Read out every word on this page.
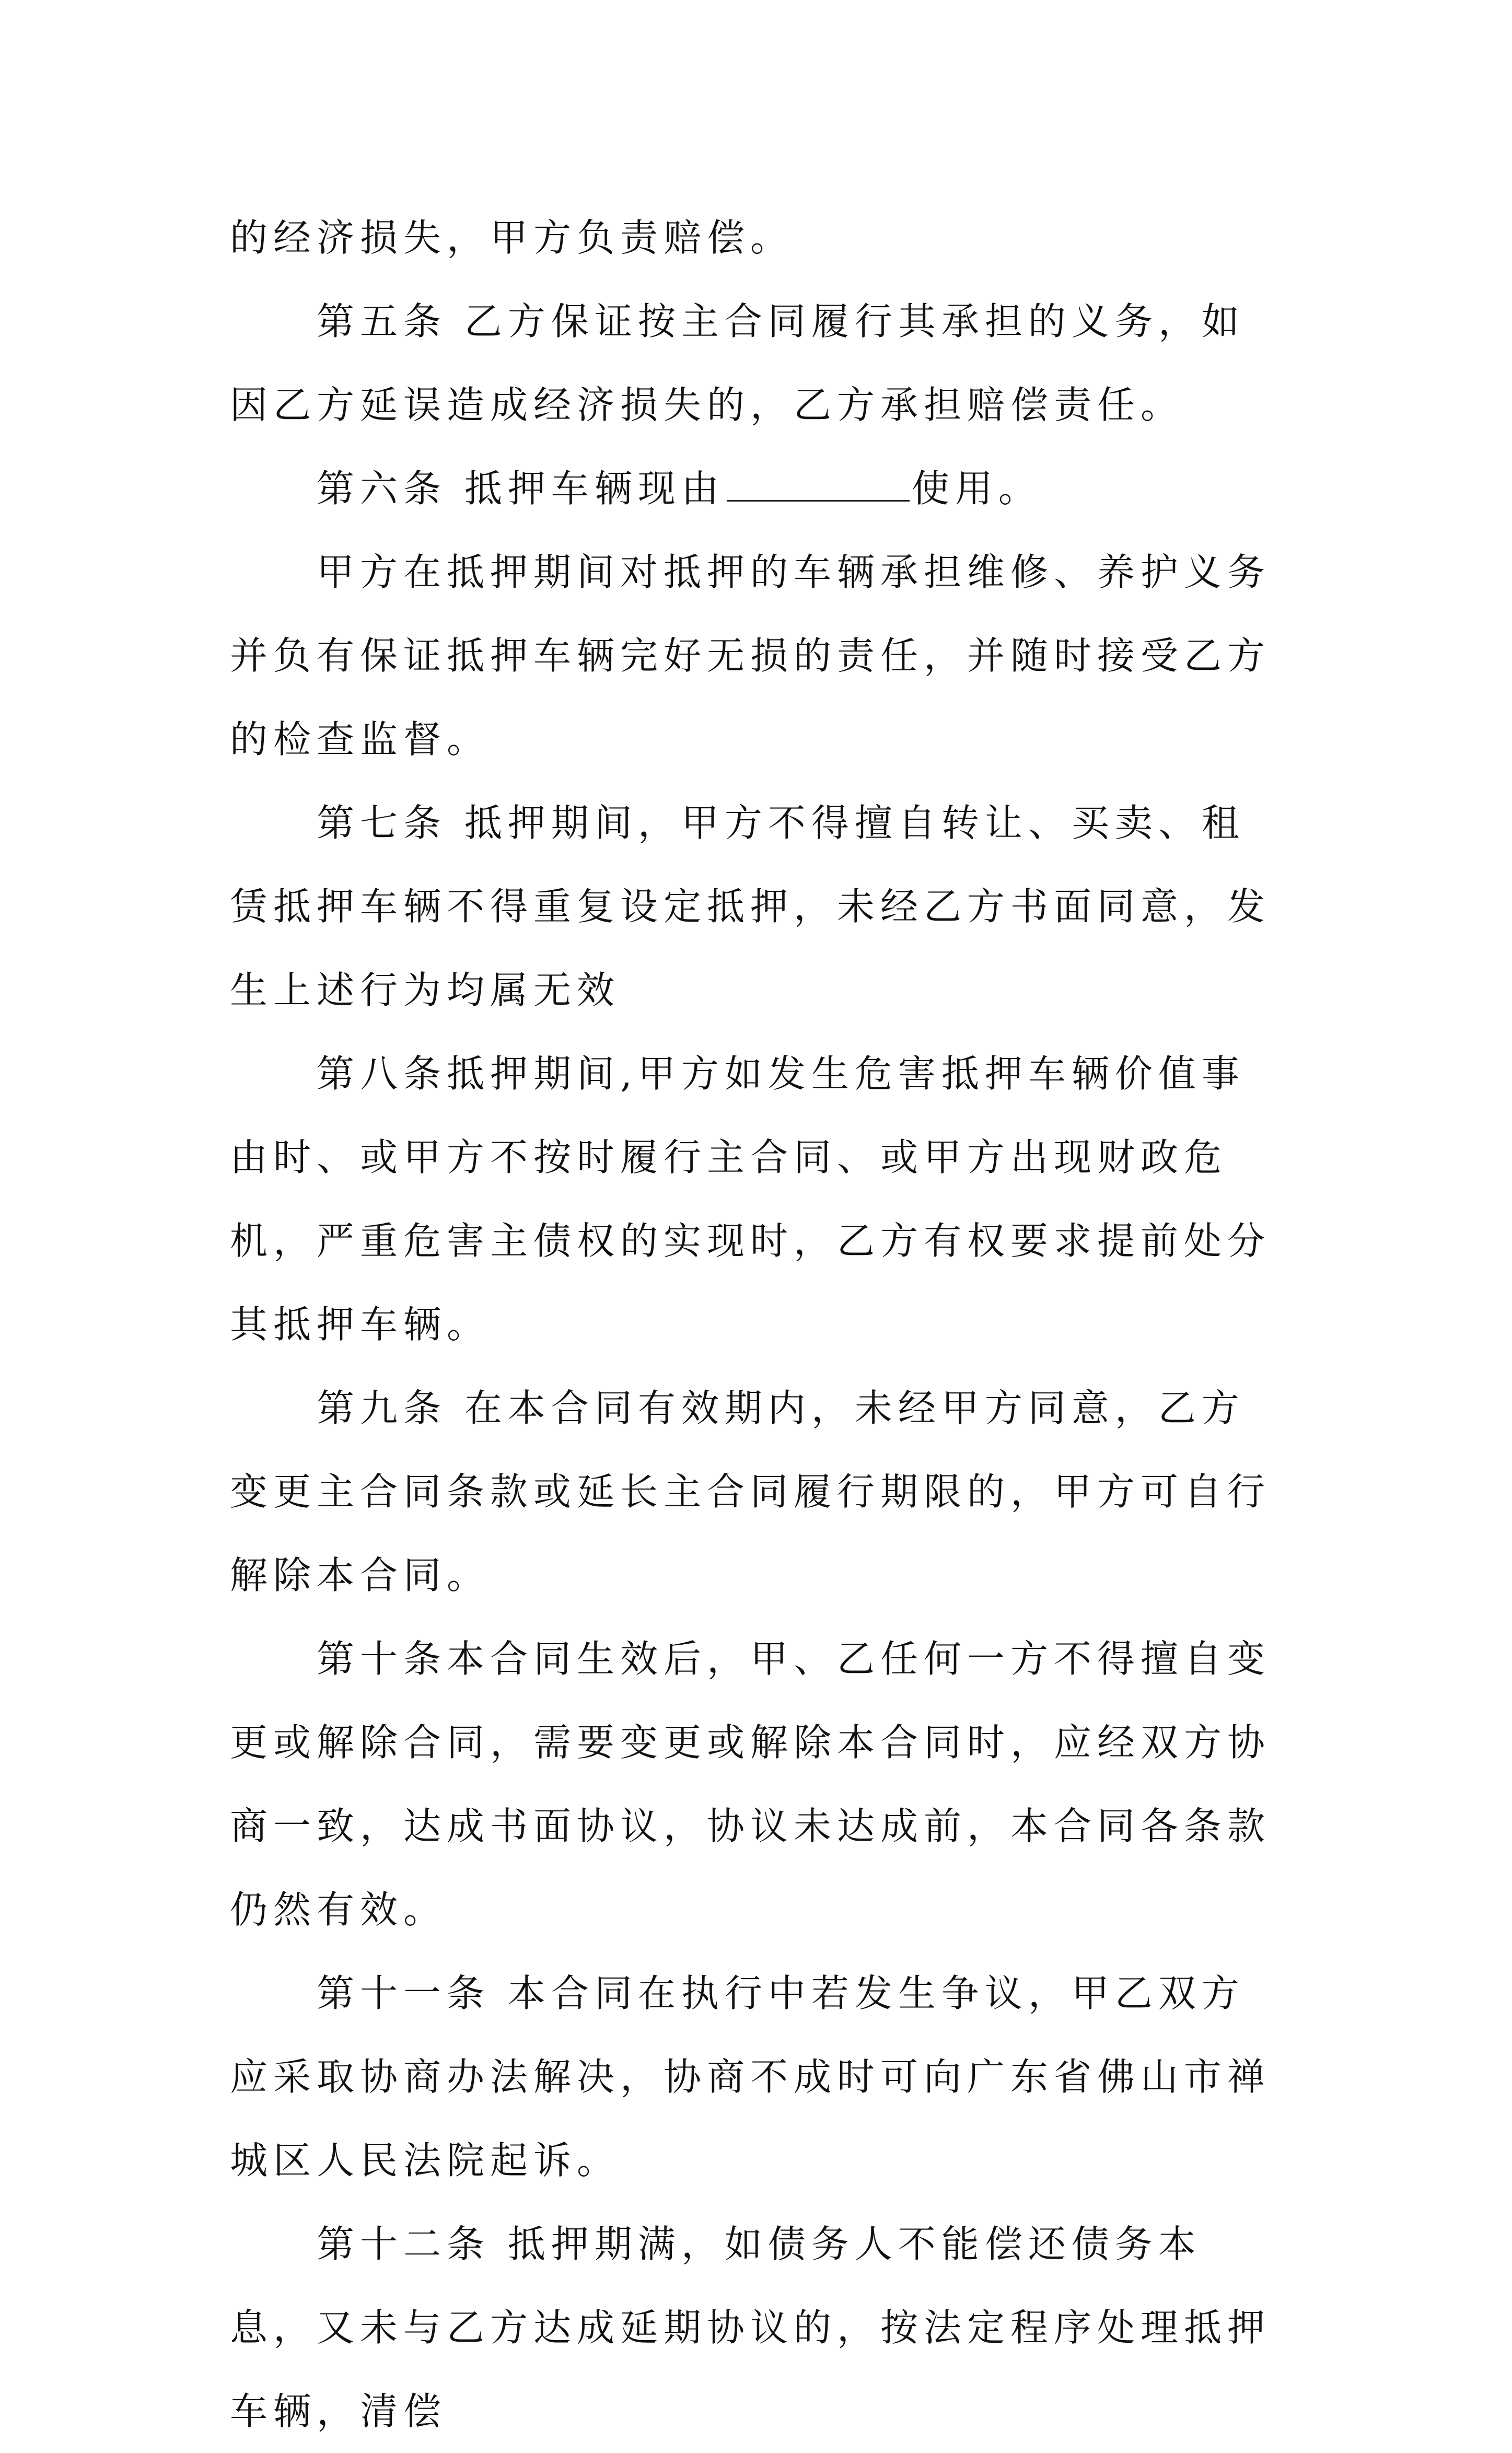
的经济损失，甲方负责赔偿。

第五条 乙方保证按主合同履行其承担的义务，如因乙方延误造成经济损失的，乙方承担赔偿责任。

第六条 抵押车辆现由	使用。

甲方在抵押期间对抵押的车辆承担维修、养护义务并负有保证抵押车辆完好无损的责任，并随时接受乙方的检查监督。

第七条 抵押期间，甲方不得擅自转让、买卖、租赁抵押车辆不得重复设定抵押，未经乙方书面同意，发生上述行为均属无效

第八条抵押期间,甲方如发生危害抵押车辆价值事由时、或甲方不按时履行主合同、或甲方出现财政危机，严重危害主债权的实现时，乙方有权要求提前处分其抵押车辆。

第九条 在本合同有效期内，未经甲方同意，乙方变更主合同条款或延长主合同履行期限的，甲方可自行解除本合同。

第十条本合同生效后，甲、乙任何一方不得擅自变更或解除合同，需要变更或解除本合同时，应经双方协商一致，达成书面协议，协议未达成前，本合同各条款仍然有效。

第十一条 本合同在执行中若发生争议，甲乙双方应采取协商办法解决，协商不成时可向广东省佛山市禅城区人民法院起诉。

第十二条 抵押期满，如债务人不能偿还债务本息，又未与乙方达成延期协议的，按法定程序处理抵押车辆，清偿
